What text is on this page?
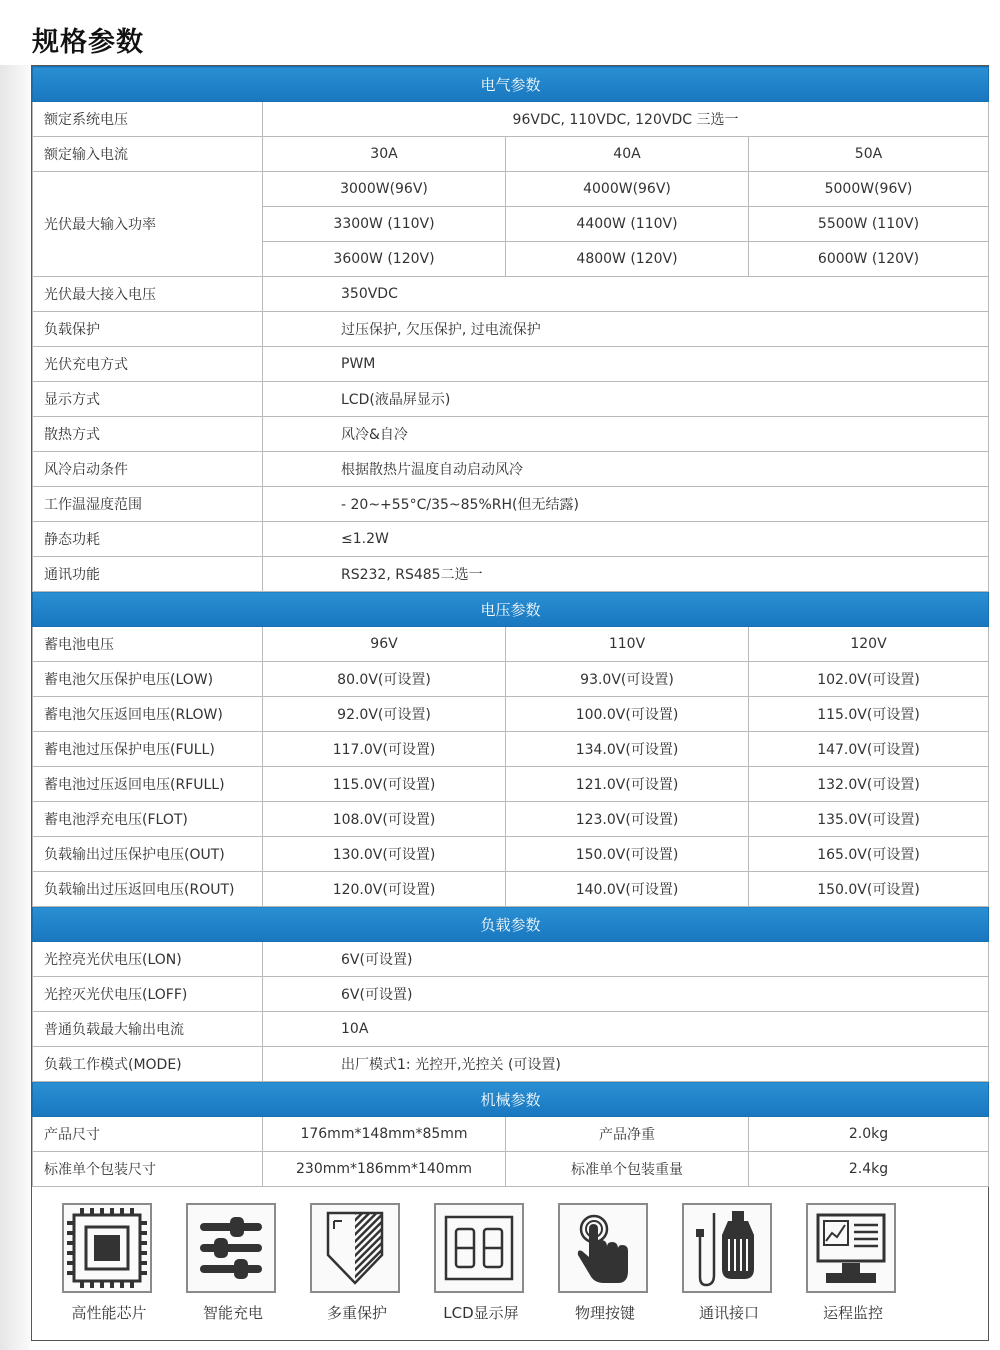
规格参数
电气参数			
额定系统电压	96VDC, 110VDC, 120VDC 三选一		
额定输入电流	30A	40A	50A
光伏最大输入功率	3000W(96V)	4000W(96V)	5000W(96V)
	3300W (110V)	4400W (110V)	5500W (110V)
	3600W (120V)	4800W (120V)	6000W (120V)
光伏最大接入电压	350VDC		
负载保护	过压保护, 欠压保护, 过电流保护		
光伏充电方式	PWM		
显示方式	LCD(液晶屏显示)		
散热方式	风冷&自冷		
风冷启动条件	根据散热片温度自动启动风冷		
工作温湿度范围	- 20~+55°C/35~85%RH(但无结露)		
静态功耗	≤1.2W		
通讯功能	RS232, RS485二选一		
电压参数			
蓄电池电压	96V	110V	120V
蓄电池欠压保护电压(LOW)	80.0V(可设置)	93.0V(可设置)	102.0V(可设置)
蓄电池欠压返回电压(RLOW)	92.0V(可设置)	100.0V(可设置)	115.0V(可设置)
蓄电池过压保护电压(FULL)	117.0V(可设置)	134.0V(可设置)	147.0V(可设置)
蓄电池过压返回电压(RFULL)	115.0V(可设置)	121.0V(可设置)	132.0V(可设置)
蓄电池浮充电压(FLOT)	108.0V(可设置)	123.0V(可设置)	135.0V(可设置)
负载输出过压保护电压(OUT)	130.0V(可设置)	150.0V(可设置)	165.0V(可设置)
负载输出过压返回电压(ROUT)	120.0V(可设置)	140.0V(可设置)	150.0V(可设置)
负载参数			
光控亮光伏电压(LON)	6V(可设置)		
光控灭光伏电压(LOFF)	6V(可设置)		
普通负载最大输出电流	10A		
负载工作模式(MODE)	出厂模式1: 光控开,光控关 (可设置)		
机械参数			
产品尺寸	176mm*148mm*85mm	产品净重	2.0kg
标准单个包装尺寸	230mm*186mm*140mm	标准单个包装重量	2.4kg
高性能芯片	智能充电	多重保护	LCD显示屏	物理按键	通讯接口	运程监控
